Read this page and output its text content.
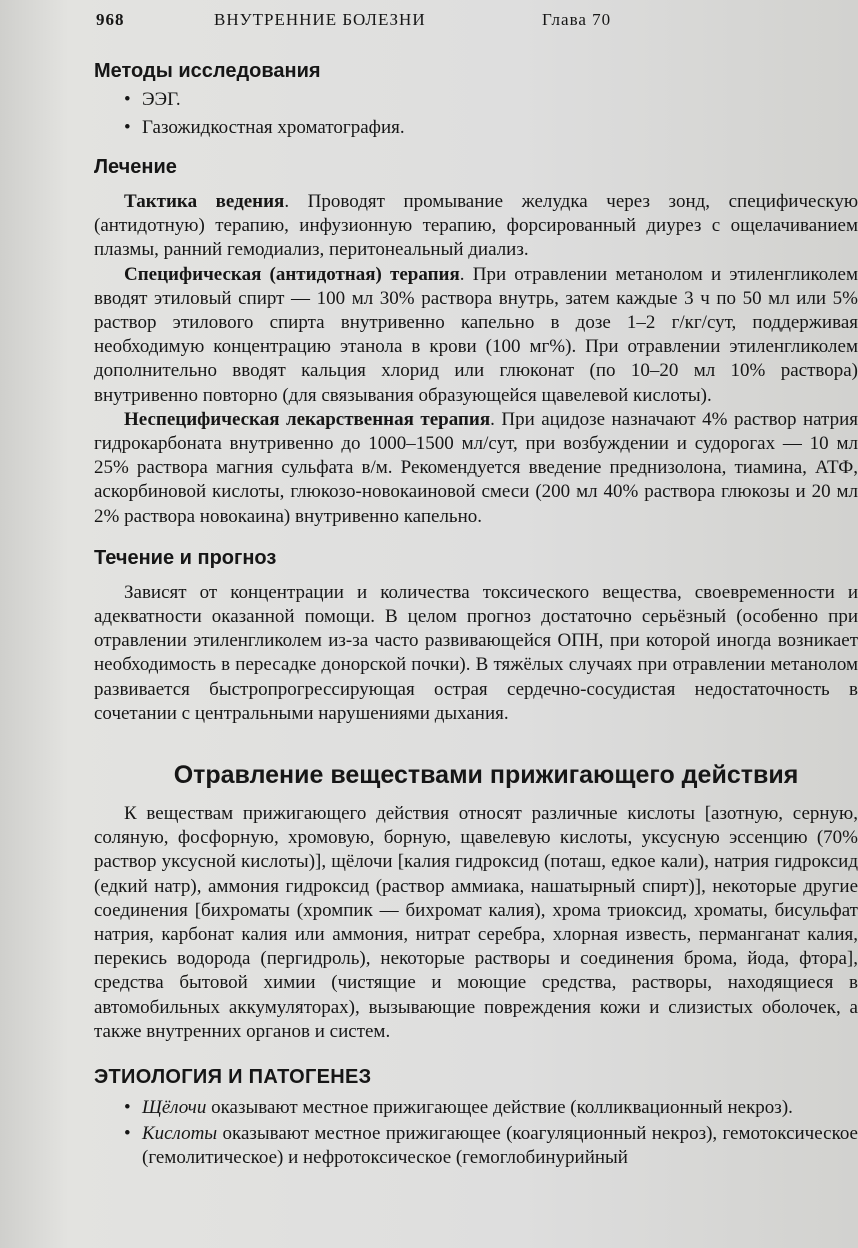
968	ВНУТРЕННИЕ БОЛЕЗНИ	Глава 70
Методы исследования
• ЭЭГ.
• Газожидкостная хроматография.
Лечение

Тактика ведения. Проводят промывание желудка через зонд, специфическую (антидотную) терапию, инфузионную терапию, форсированный диурез с ощелачиванием плазмы, ранний гемодиализ, перитонеальный диализ.

Специфическая (антидотная) терапия. При отравлении метанолом и этиленгликолем вводят этиловый спирт — 100 мл 30% раствора внутрь, затем каждые 3 ч по 50 мл или 5% раствор этилового спирта внутривенно капельно в дозе 1–2 г/кг/сут, поддерживая необходимую концентрацию этанола в крови (100 мг%). При отравлении этиленгликолем дополнительно вводят кальция хлорид или глюконат (по 10–20 мл 10% раствора) внутривенно повторно (для связывания образующейся щавелевой кислоты).

Неспецифическая лекарственная терапия. При ацидозе назначают 4% раствор натрия гидрокарбоната внутривенно до 1000–1500 мл/сут, при возбуждении и судорогах — 10 мл 25% раствора магния сульфата в/м. Рекомендуется введение преднизолона, тиамина, АТФ, аскорбиновой кислоты, глюкозо-новокаиновой смеси (200 мл 40% раствора глюкозы и 20 мл 2% раствора новокаина) внутривенно капельно.

Течение и прогноз

Зависят от концентрации и количества токсического вещества, своевременности и адекватности оказанной помощи. В целом прогноз достаточно серьёзный (особенно при отравлении этиленгликолем из-за часто развивающейся ОПН, при которой иногда возникает необходимость в пересадке донорской почки). В тяжёлых случаях при отравлении метанолом развивается быстропрогрессирующая острая сердечно-сосудистая недостаточность в сочетании с центральными нарушениями дыхания.

Отравление веществами прижигающего действия

К веществам прижигающего действия относят различные кислоты [азотную, серную, соляную, фосфорную, хромовую, борную, щавелевую кислоты, уксусную эссенцию (70% раствор уксусной кислоты)], щёлочи [калия гидроксид (поташ, едкое кали), натрия гидроксид (едкий натр), аммония гидроксид (раствор аммиака, нашатырный спирт)], некоторые другие соединения [бихроматы (хромпик — бихромат калия), хрома триоксид, хроматы, бисульфат натрия, карбонат калия или аммония, нитрат серебра, хлорная известь, перманганат калия, перекись водорода (пергидроль), некоторые растворы и соединения брома, йода, фтора], средства бытовой химии (чистящие и моющие средства, растворы, находящиеся в автомобильных аккумуляторах), вызывающие повреждения кожи и слизистых оболочек, а также внутренних органов и систем.

ЭТИОЛОГИЯ И ПАТОГЕНЕЗ
• Щёлочи оказывают местное прижигающее действие (колликвационный некроз).
• Кислоты оказывают местное прижигающее (коагуляционный некроз), гемотоксическое (гемолитическое) и нефротоксическое (гемоглобинурийный
